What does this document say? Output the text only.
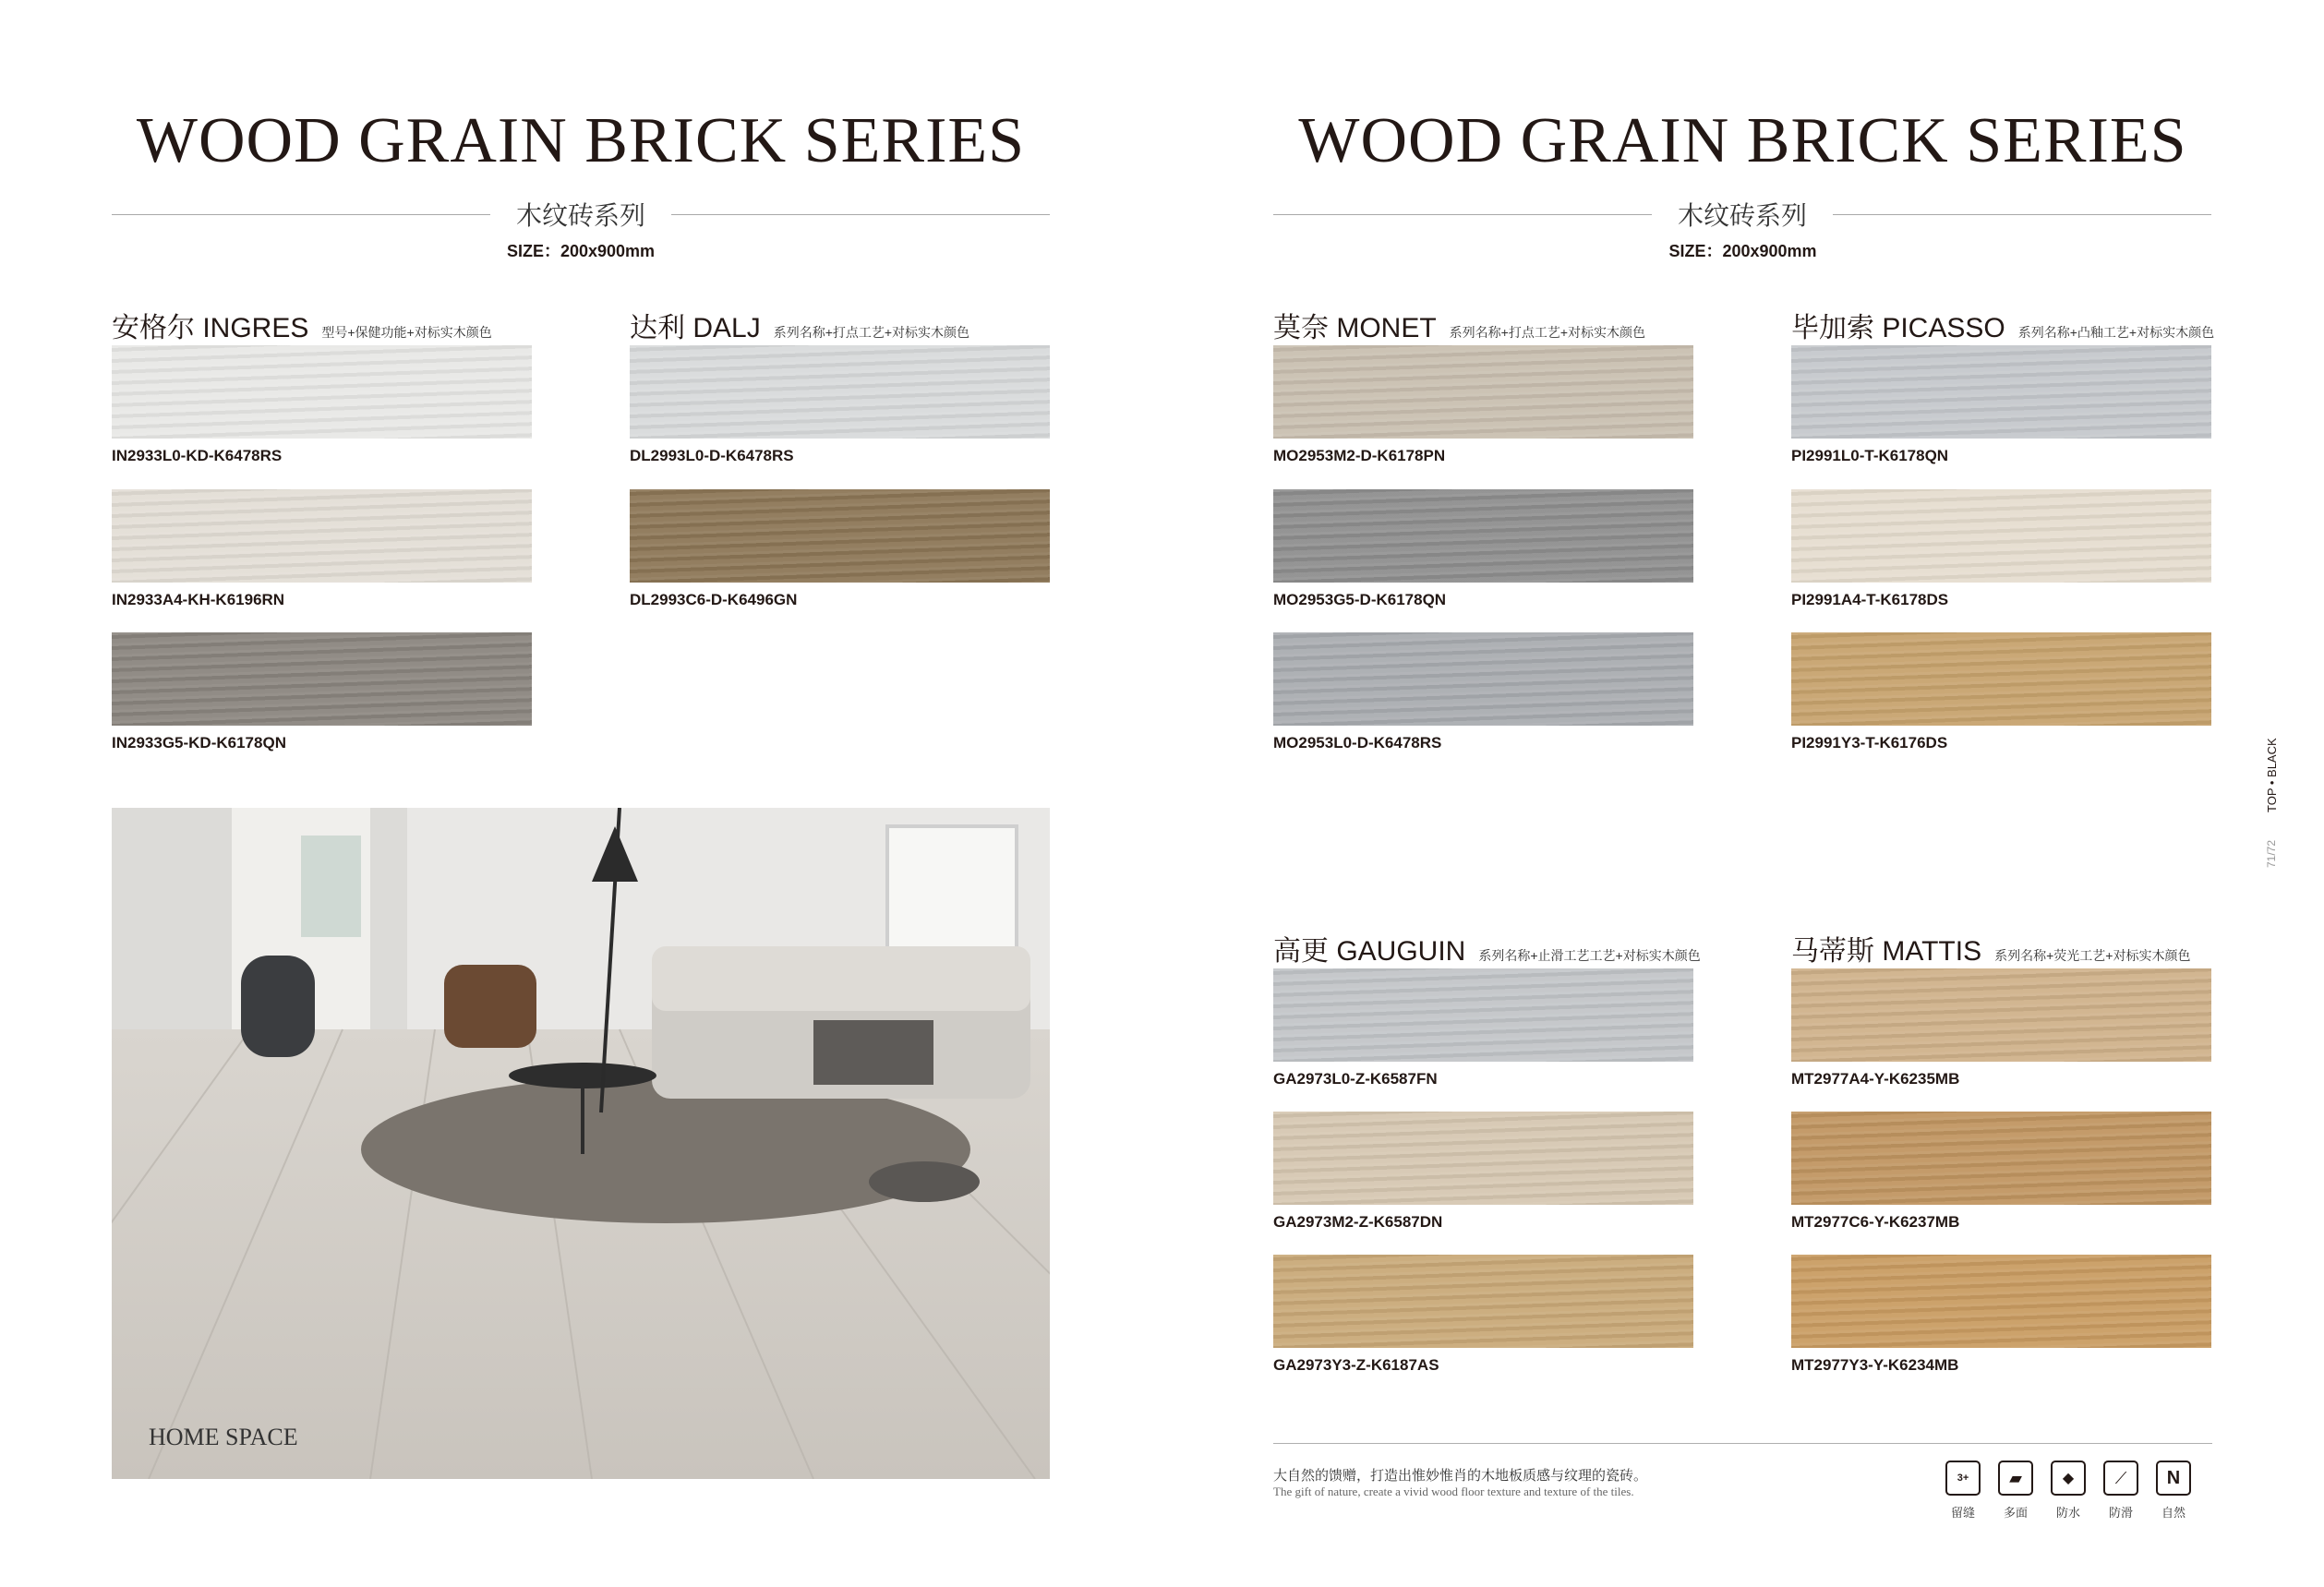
WOOD GRAIN BRICK SERIES
木纹砖系列
SIZE：200x900mm
安格尔 INGRES 型号+保健功能+对标实木颜色
IN2933L0-KD-K6478RS
IN2933A4-KH-K6196RN
IN2933G5-KD-K6178QN
达利 DALJ 系列名称+打点工艺+对标实木颜色
DL2993L0-D-K6478RS
DL2993C6-D-K6496GN
HOME SPACE
WOOD GRAIN BRICK SERIES
木纹砖系列
SIZE：200x900mm
莫奈 MONET 系列名称+打点工艺+对标实木颜色
MO2953M2-D-K6178PN
MO2953G5-D-K6178QN
MO2953L0-D-K6478RS
毕加索 PICASSO 系列名称+凸釉工艺+对标实木颜色
PI2991L0-T-K6178QN
PI2991A4-T-K6178DS
PI2991Y3-T-K6176DS
高更 GAUGUIN 系列名称+止滑工艺工艺+对标实木颜色
GA2973L0-Z-K6587FN
GA2973M2-Z-K6587DN
GA2973Y3-Z-K6187AS
马蒂斯 MATTIS 系列名称+荧光工艺+对标实木颜色
MT2977A4-Y-K6235MB
MT2977C6-Y-K6237MB
MT2977Y3-Y-K6234MB
TOP • BLACK
71/72
大自然的馈赠，打造出惟妙惟肖的木地板质感与纹理的瓷砖。
The gift of nature, create a vivid wood floor texture and texture of the tiles.
3+
留缝
▰
多面
◆
防水
⟋
防滑
N
自然
